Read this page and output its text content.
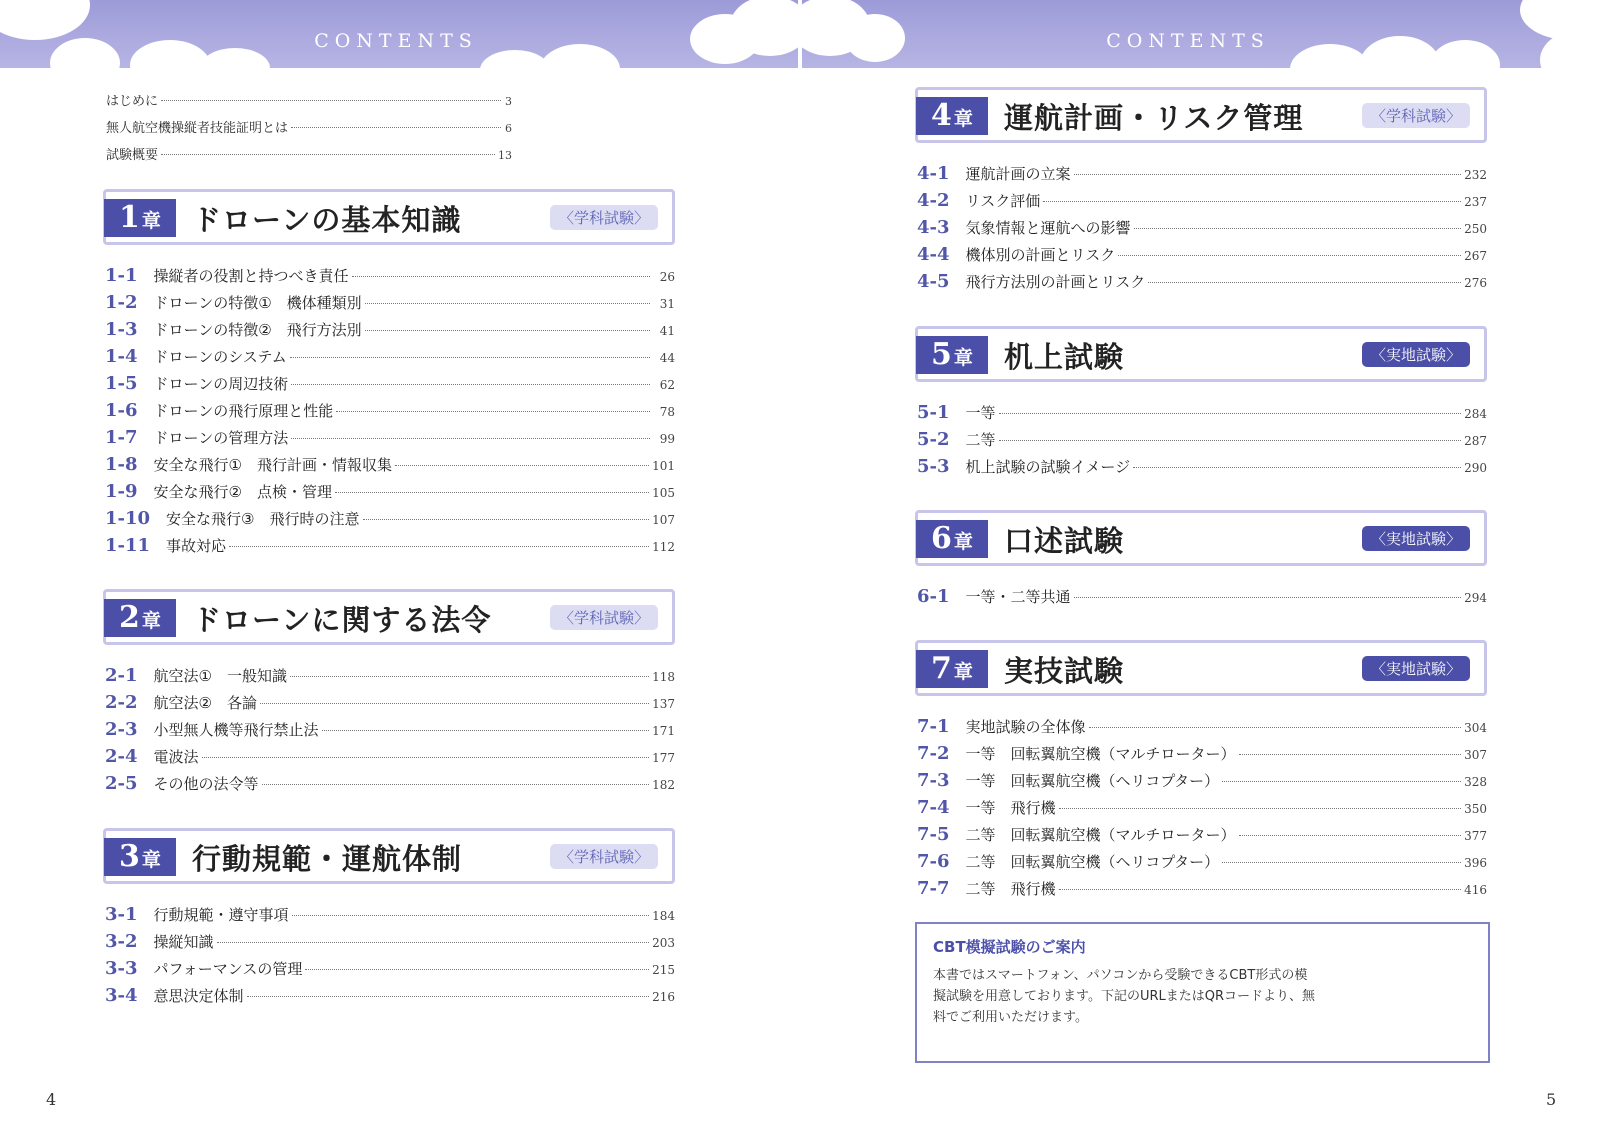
CONTENTS	CONTENTS
はじめに	3
無人航空機操縦者技能証明とは	6
試験概要	13
1 章 ドローンの基本知識	〈学科試験〉
2 章 ドローンに関する法令	〈学科試験〉
3 章 行動規範・運航体制	〈学科試験〉
4 章 運航計画・リスク管理	〈学科試験〉
5 章 机上試験	〈実地試験〉
6 章 口述試験	〈実地試験〉
7 章 実技試験	〈実地試験〉
1-1 操縦者の役割と持つべき責任	26
1-2 ドローンの特徴①　機体種類別	31
1-3 ドローンの特徴②　飛行方法別	41
1-4 ドローンのシステム	44
1-5 ドローンの周辺技術	62
1-6 ドローンの飛行原理と性能	78
1-7 ドローンの管理方法	99
1-8 安全な飛行①　飛行計画・情報収集	101
1-9 安全な飛行②　点検・管理	105
1-10 安全な飛行③　飛行時の注意	107
1-11 事故対応	112
2-1 航空法①　一般知識	118
2-2 航空法②　各論	137
2-3 小型無人機等飛行禁止法	171
2-4 電波法	177
2-5 その他の法令等	182
3-1 行動規範・遵守事項	184
3-2 操縦知識	203
3-3 パフォーマンスの管理	215
3-4 意思決定体制	216
4-1 運航計画の立案	232
4-2 リスク評価	237
4-3 気象情報と運航への影響	250
4-4 機体別の計画とリスク	267
4-5 飛行方法別の計画とリスク	276
5-1 一等	284
5-2 二等	287
5-3 机上試験の試験イメージ	290
6-1 一等・二等共通	294
7-1 実地試験の全体像	304
7-2 一等　回転翼航空機（マルチローター）	307
7-3 一等　回転翼航空機（ヘリコプター）	328
7-4 一等　飛行機	350
7-5 二等　回転翼航空機（マルチローター）	377
7-6 二等　回転翼航空機（ヘリコプター）	396
7-7 二等　飛行機	416
CBT模擬試験のご案内
本書ではスマートフォン、パソコンから受験できるCBT形式の模
擬試験を用意しております。下記のURLまたはQRコードより、無
料でご利用いただけます。
4	5
